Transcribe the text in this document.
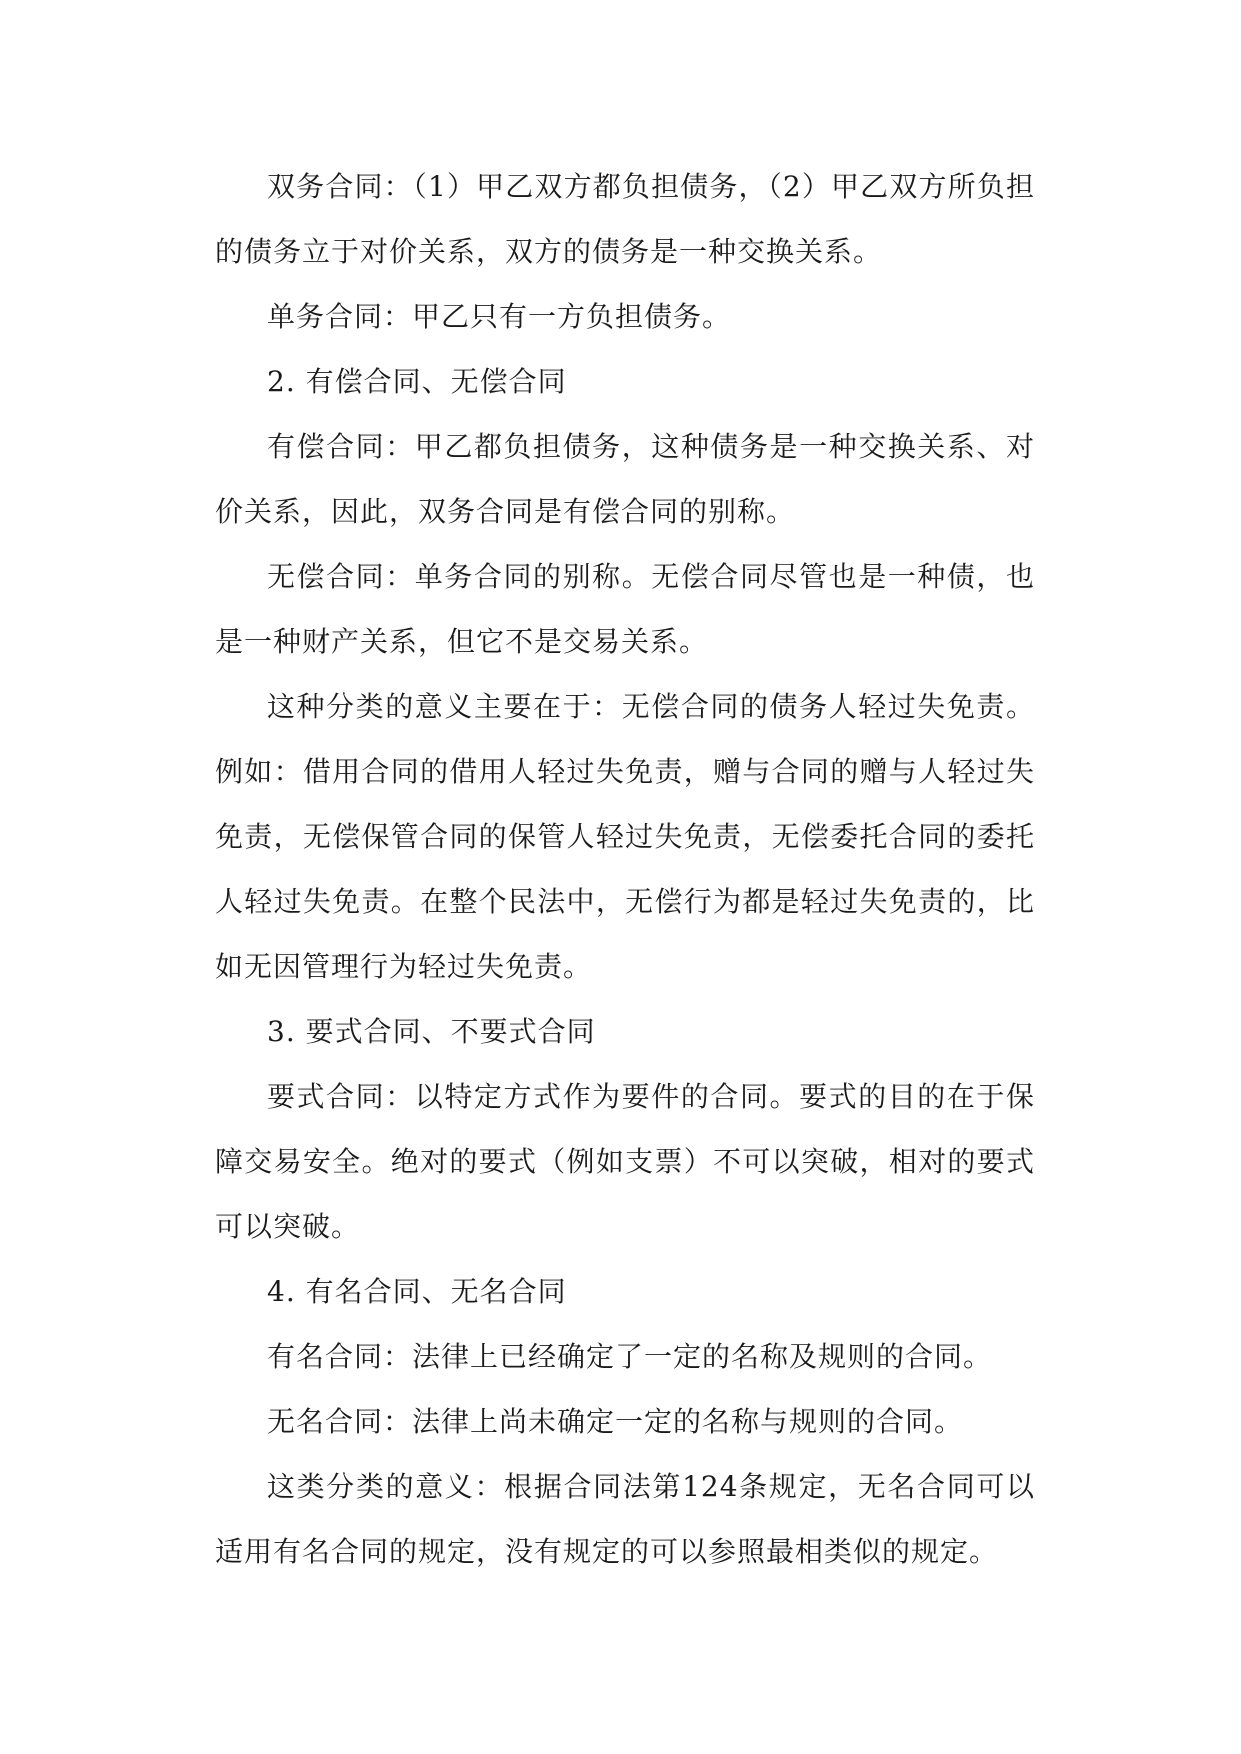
双务合同：（1）甲乙双方都负担债务，（2）甲乙双方所负担的债务立于对价关系，双方的债务是一种交换关系。

单务合同：甲乙只有一方负担债务。

2. 有偿合同、无偿合同

有偿合同：甲乙都负担债务，这种债务是一种交换关系、对价关系，因此，双务合同是有偿合同的别称。

无偿合同：单务合同的别称。无偿合同尽管也是一种债，也是一种财产关系，但它不是交易关系。

这种分类的意义主要在于：无偿合同的债务人轻过失免责。例如：借用合同的借用人轻过失免责，赠与合同的赠与人轻过失免责，无偿保管合同的保管人轻过失免责，无偿委托合同的委托人轻过失免责。在整个民法中，无偿行为都是轻过失免责的，比如无因管理行为轻过失免责。

3. 要式合同、不要式合同

要式合同：以特定方式作为要件的合同。要式的目的在于保障交易安全。绝对的要式（例如支票）不可以突破，相对的要式可以突破。

4. 有名合同、无名合同

有名合同：法律上已经确定了一定的名称及规则的合同。

无名合同：法律上尚未确定一定的名称与规则的合同。

这类分类的意义：根据合同法第124条规定，无名合同可以适用有名合同的规定，没有规定的可以参照最相类似的规定。
